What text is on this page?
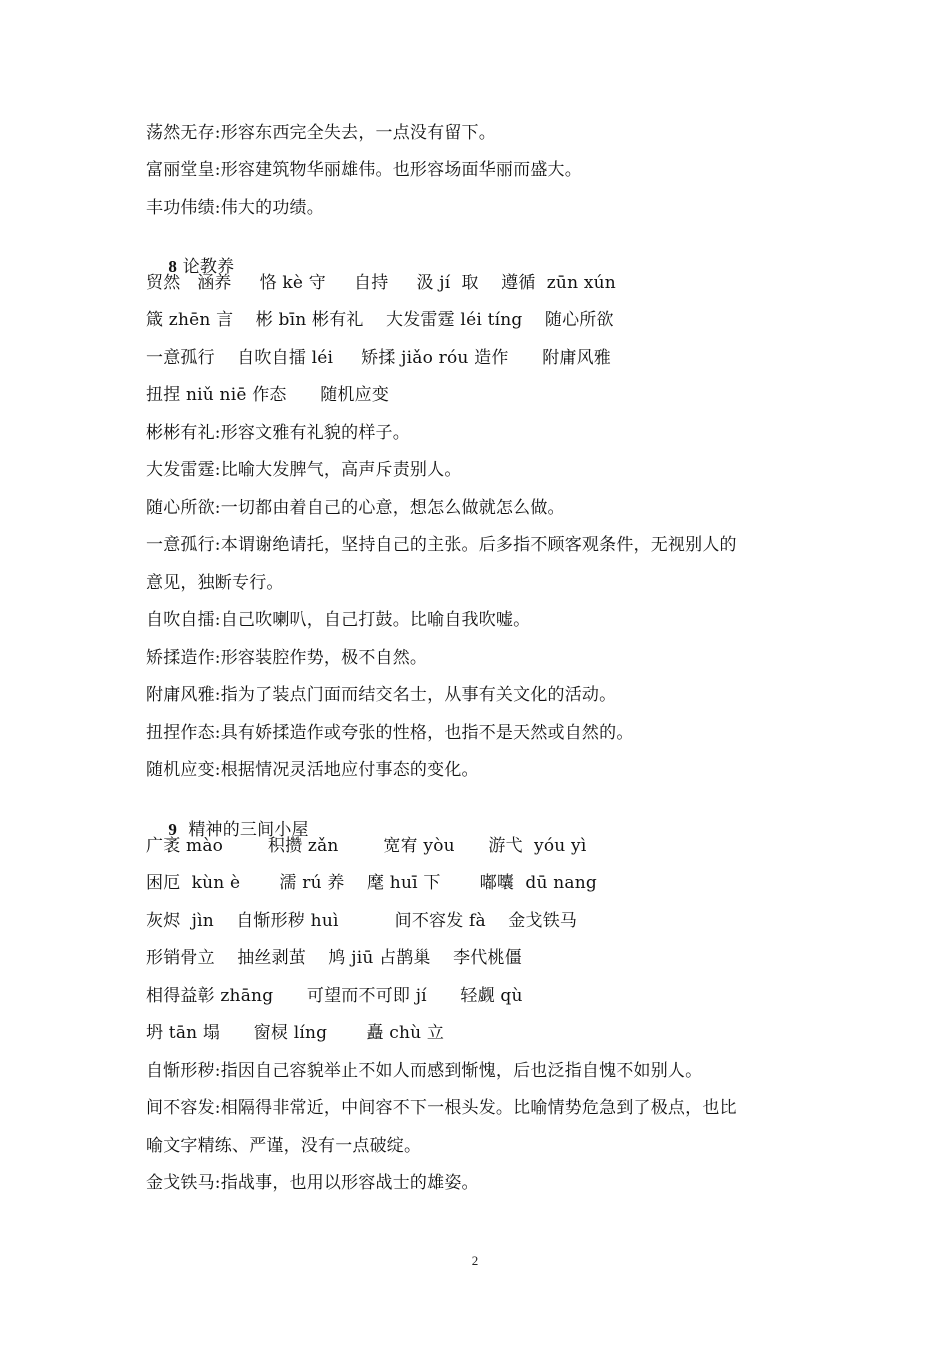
荡然无存:形容东西完全失去，一点没有留下。
富丽堂皇:形容建筑物华丽雄伟。也形容场面华丽而盛大。
丰功伟绩:伟大的功绩。

8 论教养

贸然   涵养     恪 kè 守     自持     汲 jí  取    遵循  zūn xún
箴 zhēn 言    彬 bīn 彬有礼    大发雷霆 léi tíng    随心所欲
一意孤行    自吹自擂 léi     矫揉 jiǎo róu 造作      附庸风雅
扭捏 niǔ niē 作态      随机应变
彬彬有礼:形容文雅有礼貌的样子。
大发雷霆:比喻大发脾气，高声斥责别人。
随心所欲:一切都由着自己的心意，想怎么做就怎么做。
一意孤行:本谓谢绝请托，坚持自己的主张。后多指不顾客观条件，无视别人的
意见，独断专行。
自吹自擂:自己吹喇叭，自己打鼓。比喻自我吹嘘。
矫揉造作:形容装腔作势，极不自然。
附庸风雅:指为了装点门面而结交名士，从事有关文化的活动。
扭捏作态:具有娇揉造作或夸张的性格，也指不是天然或自然的。
随机应变:根据情况灵活地应付事态的变化。

9  精神的三间小屋

广袤 mào        积攒 zǎn        宽宥 yòu      游弋  yóu yì
困厄  kùn è       濡 rú 养    麾 huī 下       嘟囔  dū nang
灰烬  jìn    自惭形秽 huì          间不容发 fà    金戈铁马
形销骨立    抽丝剥茧    鸠 jiū 占鹊巢    李代桃僵
相得益彰 zhāng      可望而不可即 jí      轻觑 qù
坍 tān 塌      窗棂 líng       矗 chù 立
自惭形秽:指因自己容貌举止不如人而感到惭愧，后也泛指自愧不如别人。
间不容发:相隔得非常近，中间容不下一根头发。比喻情势危急到了极点，也比
喻文字精练、严谨，没有一点破绽。
金戈铁马:指战事，也用以形容战士的雄姿。
2
